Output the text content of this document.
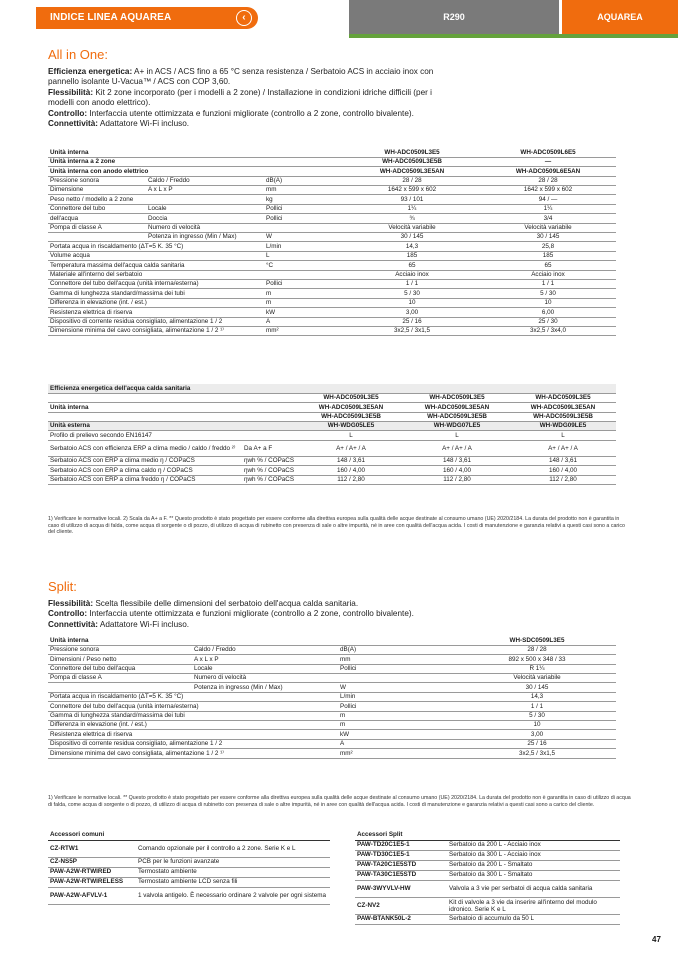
INDICE LINEA AQUAREA	‹	R290	AQUAREA
All in One:
Efficienza energetica: A+ in ACS / ACS fino a 65 °C senza resistenza / Serbatoio ACS in acciaio inox con pannello isolante U-Vacua™ / ACS con COP 3,60.
Flessibilità: Kit 2 zone incorporato (per i modelli a 2 zone) / Installazione in condizioni idriche difficili (per i modelli con anodo elettrico).
Controllo: Interfaccia utente ottimizzata e funzioni migliorate (controllo a 2 zone, controllo bivalente).
Connettività: Adattatore Wi-Fi incluso.
Unità interna			WH-ADC0509L3E5	WH-ADC0509L6E5
Unità interna a 2 zone			WH-ADC0509L3E5B	—
Unità interna con anodo elettrico			WH-ADC0509L3E5AN	WH-ADC0509L6E5AN
Pressione sonora	Caldo / Freddo	dB(A)	28 / 28	28 / 28
Dimensione	A x L x P	mm	1642 x 599 x 602	1642 x 599 x 602
Peso netto / modello a 2 zone		kg	93 / 101	94 / —
Connettore del tubo	Locale	Pollici	1¼	1¼
dell'acqua	Doccia	Pollici	¾	3/4
Pompa di classe A	Numero di velocità		Velocità variabile	Velocità variabile
	Potenza in ingresso (Min / Max)	W	30 / 145	30 / 145
Portata acqua in riscaldamento (ΔT=5 K. 35 °C)		L/min	14,3	25,8
Volume acqua		L	185	185
Temperatura massima dell'acqua calda sanitaria		°C	65	65
Materiale all'interno del serbatoio			Acciaio inox	Acciaio inox
Connettore del tubo dell'acqua (unità interna/esterna)		Pollici	1 / 1	1 / 1
Gamma di lunghezza standard/massima dei tubi		m	5 / 30	5 / 30
Differenza in elevazione (int. / est.)		m	10	10
Resistenza elettrica di riserva		kW	3,00	6,00
Dispositivo di corrente residua consigliato, alimentazione 1 / 2		A	25 / 16	25 / 30
Dimensione minima del cavo consigliata, alimentazione 1 / 2 ¹⁾		mm²	3x2,5 / 3x1,5	3x2,5 / 3x4,0
Efficienza energetica dell'acqua calda sanitaria				
		WH-ADC0509L3E5	WH-ADC0509L3E5	WH-ADC0509L3E5
Unità interna		WH-ADC0509L3E5AN	WH-ADC0509L3E5AN	WH-ADC0509L3E5AN
		WH-ADC0509L3E5B	WH-ADC0509L3E5B	WH-ADC0509L3E5B
Unità esterna		WH-WDG05LE5	WH-WDG07LE5	WH-WDG09LE5
Profilo di prelievo secondo EN16147		L	L	L
Serbatoio ACS con efficienza ERP a clima medio / caldo / freddo ²⁾	Da A+ a F	A+ / A+ / A	A+ / A+ / A	A+ / A+ / A
Serbatoio ACS con ERP a clima medio ŋ / COPaCS	ŋwh % / COPaCS	148 / 3,61	148 / 3,61	148 / 3,61
Serbatoio ACS con ERP a clima caldo ŋ / COPaCS	ŋwh % / COPaCS	160 / 4,00	160 / 4,00	160 / 4,00
Serbatoio ACS con ERP a clima freddo ŋ / COPaCS	ŋwh % / COPaCS	112 / 2,80	112 / 2,80	112 / 2,80
1) Verificare le normative locali. 2) Scala da A+ a F. ** Questo prodotto è stato progettato per essere conforme alla direttiva europea sulla qualità delle acque destinate al consumo umano (UE) 2020/2184. La durata del prodotto non è garantita in caso di utilizzo di acqua di falda, come acqua di sorgente o di pozzo, di utilizzo di acqua di rubinetto con presenza di sale o altre impurità, né in aree con qualità dell'acqua acida. I costi di manutenzione e garanzia relativi a questi casi sono a carico del cliente.
Split:
Flessibilità: Scelta flessibile delle dimensioni del serbatoio dell'acqua calda sanitaria.
Controllo: Interfaccia utente ottimizzata e funzioni migliorate (controllo a 2 zone, controllo bivalente).
Connettività: Adattatore Wi-Fi incluso.
Unità interna			WH-SDC0509L3E5
Pressione sonora	Caldo / Freddo	dB(A)	28 / 28
Dimensioni / Peso netto	A x L x P	mm	892 x 500 x 348 / 33
Connettore del tubo dell'acqua	Locale	Pollici	R 1¼
Pompa di classe A	Numero di velocità		Velocità variabile
	Potenza in ingresso (Min / Max)	W	30 / 145
Portata acqua in riscaldamento (ΔT=5 K. 35 °C)		L/min	14,3
Connettore del tubo dell'acqua (unità interna/esterna)		Pollici	1 / 1
Gamma di lunghezza standard/massima dei tubi		m	5 / 30
Differenza in elevazione (int. / est.)		m	10
Resistenza elettrica di riserva		kW	3,00
Dispositivo di corrente residua consigliato, alimentazione 1 / 2		A	25 / 16
Dimensione minima del cavo consigliata, alimentazione 1 / 2 ¹⁾		mm²	3x2,5 / 3x1,5
1) Verificare le normative locali. ** Questo prodotto è stato progettato per essere conforme alla direttiva europea sulla qualità delle acque destinate al consumo umano (UE) 2020/2184. La durata del prodotto non è garantita in caso di utilizzo di acqua di falda, come acqua di sorgente o di pozzo, di utilizzo di acqua di rubinetto con presenza di sale o altre impurità, né in aree con qualità dell'acqua acida. I costi di manutenzione e garanzia relativi a questi casi sono a carico del cliente.
Accessori comuni	
CZ-RTW1	Comando opzionale per il controllo a 2 zone. Serie K e L
CZ-NS5P	PCB per le funzioni avanzate
PAW-A2W-RTWIRED	Termostato ambiente
PAW-A2W-RTWIRELESS	Termostato ambiente LCD senza fili
PAW-A2W-AFVLV-1	1 valvola antigelo. È necessario ordinare 2 valvole per ogni sistema
Accessori Split	
PAW-TD20C1E5-1	Serbatoio da 200 L - Acciaio inox
PAW-TD30C1E5-1	Serbatoio da 300 L - Acciaio inox
PAW-TA20C1E5STD	Serbatoio da 200 L - Smaltato
PAW-TA30C1E5STD	Serbatoio da 300 L - Smaltato
PAW-3WYVLV-HW	Valvola a 3 vie per serbatoi di acqua calda sanitaria
CZ-NV2	Kit di valvole a 3 vie da inserire all'interno del modulo idronico. Serie K e L
PAW-BTANK50L-2	Serbatoio di accumulo da 50 L
47
